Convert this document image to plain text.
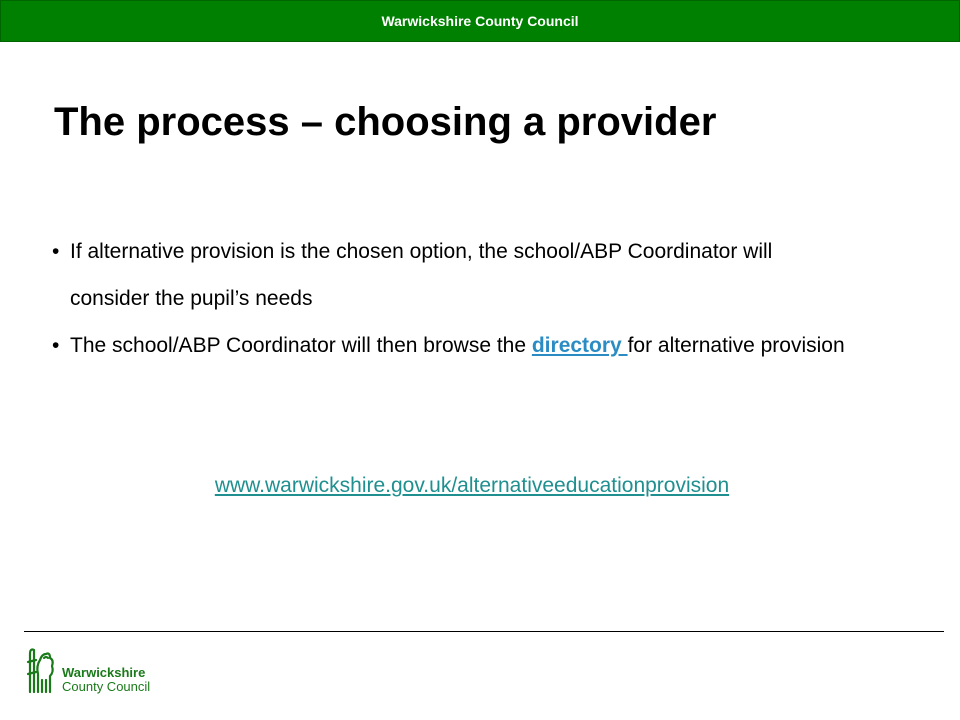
Warwickshire County Council
The process – choosing a provider
• If alternative provision is the chosen option, the school/ABP Coordinator will consider the pupil’s needs
• The school/ABP Coordinator will then browse the directory for alternative provision
www.warwickshire.gov.uk/alternativeeducationprovision
Warwickshire
County Council
